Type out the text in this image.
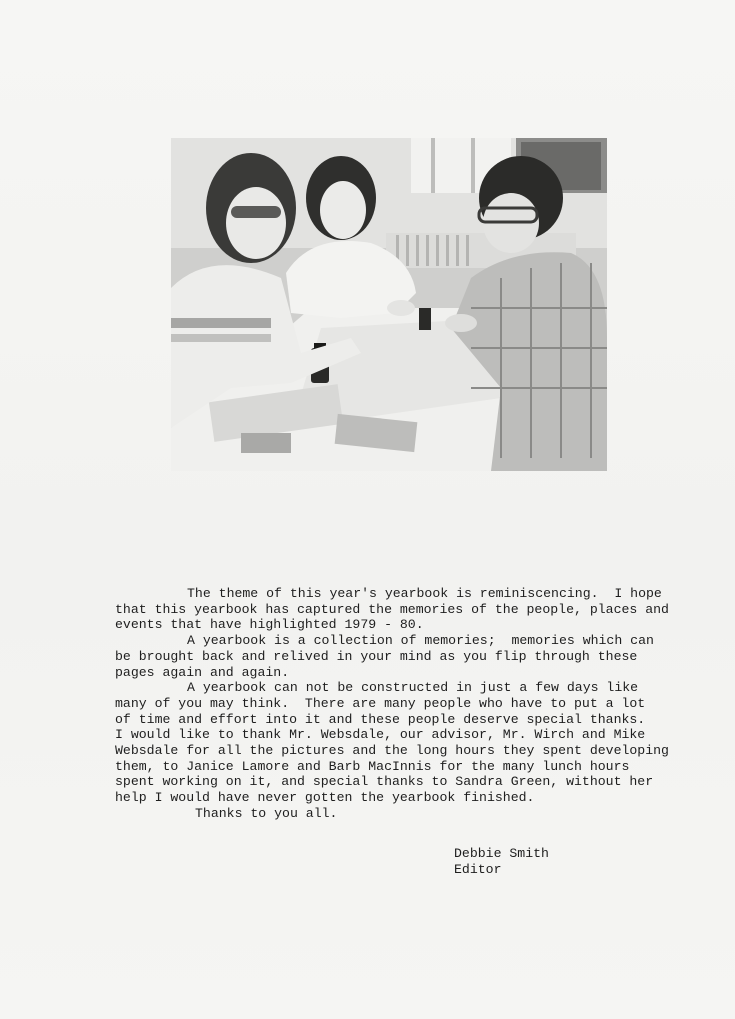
The theme of this year's yearbook is reminiscencing.  I hope
that this yearbook has captured the memories of the people, places and
events that have highlighted 1979 - 80.
A yearbook is a collection of memories;  memories which can
be brought back and relived in your mind as you flip through these
pages again and again.
A yearbook can not be constructed in just a few days like
many of you may think.  There are many people who have to put a lot
of time and effort into it and these people deserve special thanks.
I would like to thank Mr. Websdale, our advisor, Mr. Wirch and Mike
Websdale for all the pictures and the long hours they spent developing
them, to Janice Lamore and Barb MacInnis for the many lunch hours
spent working on it, and special thanks to Sandra Green, without her
help I would have never gotten the yearbook finished.
Thanks to you all.
Debbie Smith
Editor
